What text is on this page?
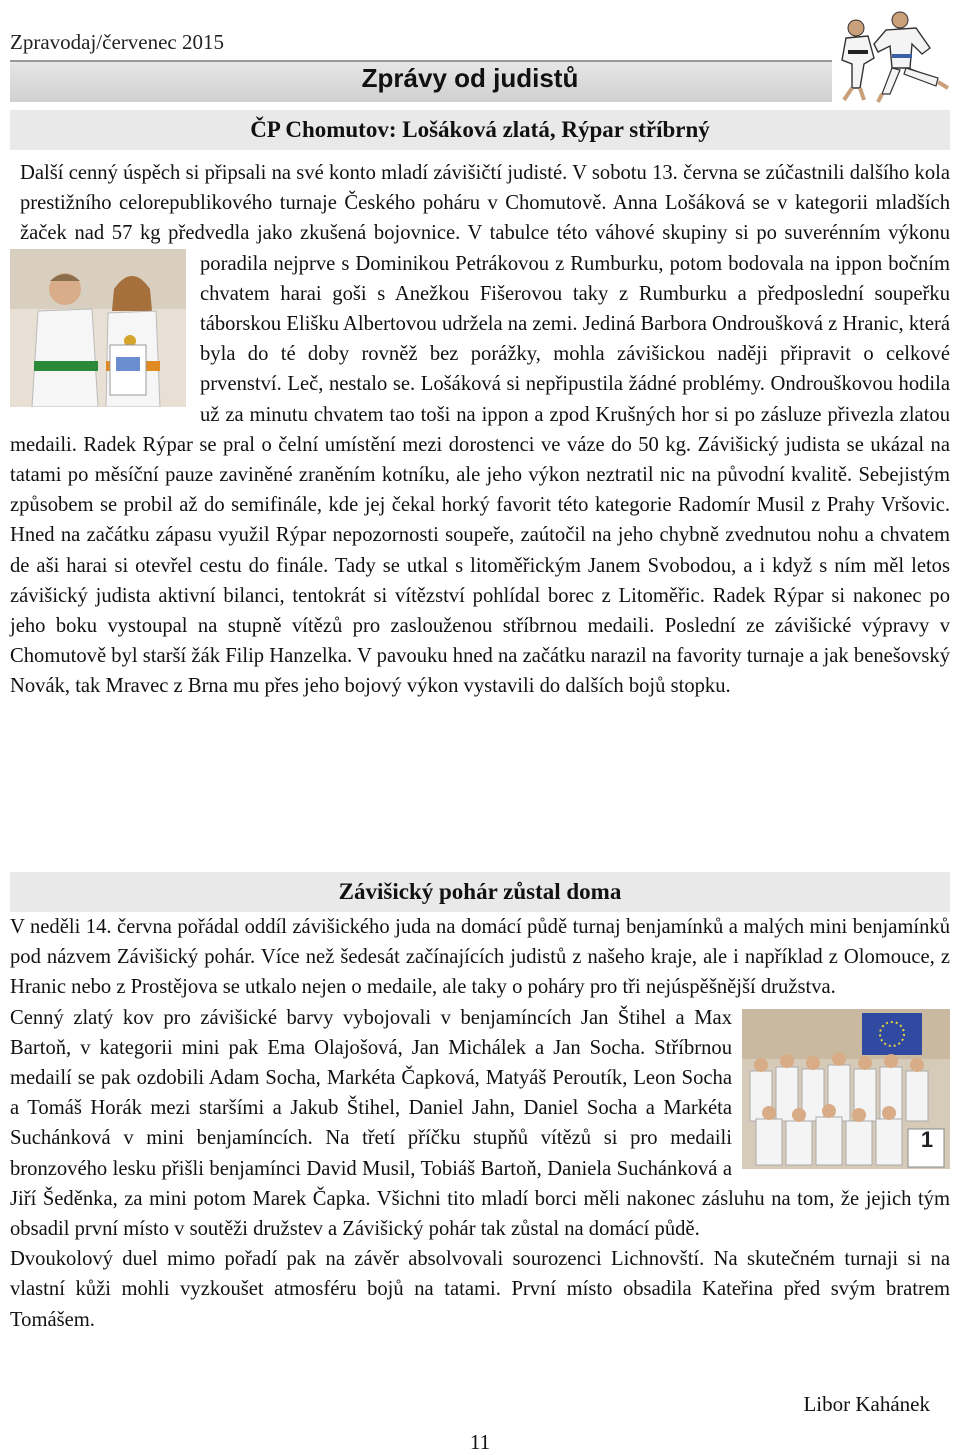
Zpravodaj/červenec 2015
Zprávy od judistů
ČP Chomutov: Lošáková zlatá, Rýpar stříbrný
Další cenný úspěch si připsali na své konto mladí závišičtí judisté. V sobotu 13. června se zúčastnili dalšího kola prestižního celorepublikového turnaje Českého poháru v Chomutově. Anna Lošáková se v kategorii mladších žaček nad 57 kg předvedla jako zkušená bojovnice. V tabulce této váhové skupiny si po suverénním výkonu poradila nejprve s Dominikou Petrákovou z Rumburku, potom bodovala na ippon bočním chvatem harai goši s Anežkou Fišerovou taky z Rumburku a předposlední soupeřku táborskou Elišku Albertovou udržela na zemi. Jediná Barbora Ondroušková z Hranic, která byla do té doby rovněž bez porážky, mohla závišickou naději připravit o celkové prvenství. Leč, nestalo se. Lošáková si nepřipustila žádné problémy. Ondrouškovou hodila už za minutu chvatem tao toši na ippon a zpod Krušných hor si po zásluze přivezla zlatou medaili. Radek Rýpar se pral o čelní umístění mezi dorostenci ve váze do 50 kg. Závišický judista se ukázal na tatami po měsíční pauze zaviněné zraněním kotníku, ale jeho výkon neztratil nic na původní kvalitě. Sebejistým způsobem se probil až do semifinále, kde jej čekal horký favorit této kategorie Radomír Musil z Prahy Vršovic. Hned na začátku zápasu využil Rýpar nepozornosti soupeře, zaútočil na jeho chybně zvednutou nohu a chvatem de aši harai si otevřel cestu do finále. Tady se utkal s litoměřickým Janem Svobodou, a i když s ním měl letos závišický judista aktivní bilanci, tentokrát si vítězství pohlídal borec z Litoměřic. Radek Rýpar si nakonec po jeho boku vystoupal na stupně vítězů pro zaslouženou stříbrnou medaili. Poslední ze závišické výpravy v Chomutově byl starší žák Filip Hanzelka. V pavouku hned na začátku narazil na favority turnaje a jak benešovský Novák, tak Mravec z Brna mu přes jeho bojový výkon vystavili do dalších bojů stopku.
Závišický pohár zůstal doma
V neděli 14. června pořádal oddíl závišického juda na domácí půdě turnaj benjamínků a malých mini benjamínků pod názvem Závišický pohár. Více než šedesát začínajících judistů z našeho kraje, ale i například z Olomouce, z Hranic nebo z Prostějova se utkalo nejen o medaile, ale taky o poháry pro tři nejúspěšnější družstva.
1
Cenný zlatý kov pro závišické barvy vybojovali v benjamíncích Jan Štihel a Max Bartoň, v kategorii mini pak Ema Olajošová, Jan Michálek a Jan Socha. Stříbrnou medailí se pak ozdobili Adam Socha, Markéta Čapková, Matyáš Peroutík, Leon Socha a Tomáš Horák mezi staršími a Jakub Štihel, Daniel Jahn, Daniel Socha a Markéta Suchánková v mini benjamíncích. Na třetí příčku stupňů vítězů si pro medaili bronzového lesku přišli benjamínci David Musil, Tobiáš Bartoň, Daniela Suchánková a Jiří Šeděnka, za mini potom Marek Čapka. Všichni tito mladí borci měli nakonec zásluhu na tom, že jejich tým obsadil první místo v soutěži družstev a Závišický pohár tak zůstal na domácí půdě.
Dvoukolový duel mimo pořadí pak na závěr absolvovali sourozenci Lichnovští. Na skutečném turnaji si na vlastní kůži mohli vyzkoušet atmosféru bojů na tatami. První místo obsadila Kateřina před svým bratrem Tomášem.
Libor Kahánek
11
